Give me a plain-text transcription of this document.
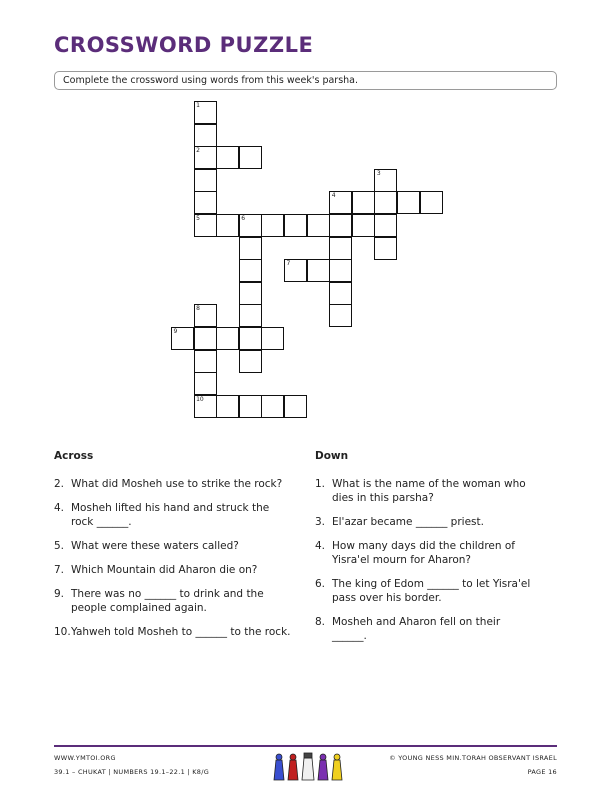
CROSSWORD PUZZLE
Complete the crossword using words from this week's parsha.
1
2
5
4
3
6
7
8
10
9
Across
2. What did Mosheh use to strike the rock?
4. Mosheh lifted his hand and struck the rock ______.
5. What were these waters called?
7. Which Mountain did Aharon die on?
9. There was no ______ to drink and the people complained again.
10. Yahweh told Mosheh to ______ to the rock.
Down
1. What is the name of the woman who dies in this parsha?
3. El'azar became ______ priest.
4. How many days did the children of Yisra'el mourn for Aharon?
6. The king of Edom ______ to let Yisra'el pass over his border.
8. Mosheh and Aharon fell on their ______.
WWW.YMTOI.ORG
39.1 – CHUKAT | NUMBERS 19.1–22.1 | K8/G
© YOUNG NESS MIN.TORAH OBSERVANT ISRAEL
PAGE 16
